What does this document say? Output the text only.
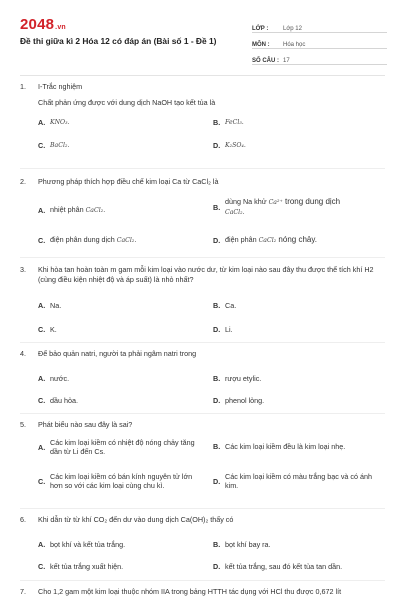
2048.vn
Đề thi giữa kì 2 Hóa 12 có đáp án (Bài số 1 - Đề 1)
LỚP :	Lớp 12
MÔN :	Hóa học
SỐ CÂU : 17
1.	I-Trắc nghiệm
Chất phản ứng được với dung dịch NaOH tạo kết tủa là
A. KNO₃.	B. FeCl₃.
C. BaCl₂.	D. K₂SO₄.
2.	Phương pháp thích hợp điều chế kim loại Ca từ CaCl₂ là
A. nhiệt phân CaCl₂.	B.
dùng Na khử Ca²⁺ trong dung dịch
CaCl₂.
C. điện phân dung dịch CaCl₂.	D. điện phân CaCl₂ nóng chảy.
3.	Khi hòa tan hoàn toàn m gam mỗi kim loại vào nước dư, từ kim loại nào sau đây thu được thể tích khí H2 (cùng điều kiện nhiệt độ và áp suất) là nhỏ nhất?
A. Na.	B. Ca.
C. K.	D. Li.
4.	Để bảo quản natri, người ta phải ngâm natri trong
A. nước.	B. rượu etylic.
C. dầu hỏa.	D. phenol lỏng.
5.	Phát biểu nào sau đây là sai?
A. Các kim loại kiềm có nhiệt độ nóng chảy tăng dần từ Li đến Cs.
B. Các kim loại kiềm đều là kim loại nhẹ.
C. Các kim loại kiềm có bán kính nguyên tử lớn hơn so với các kim loại cùng chu kì.	D. Các kim loại kiềm có màu trắng bạc và có ánh kim.
6.	Khi dẫn từ từ khí CO₂ đến dư vào dung dịch Ca(OH)₂ thấy có
A. bọt khí và kết tủa trắng.	B. bọt khí bay ra.
C. kết tủa trắng xuất hiện.	D. kết tủa trắng, sau đó kết tủa tan dần.
7.	Cho 1,2 gam một kim loại thuộc nhóm IIA trong bảng HTTH tác dụng với HCl thu được 0,672 lít
